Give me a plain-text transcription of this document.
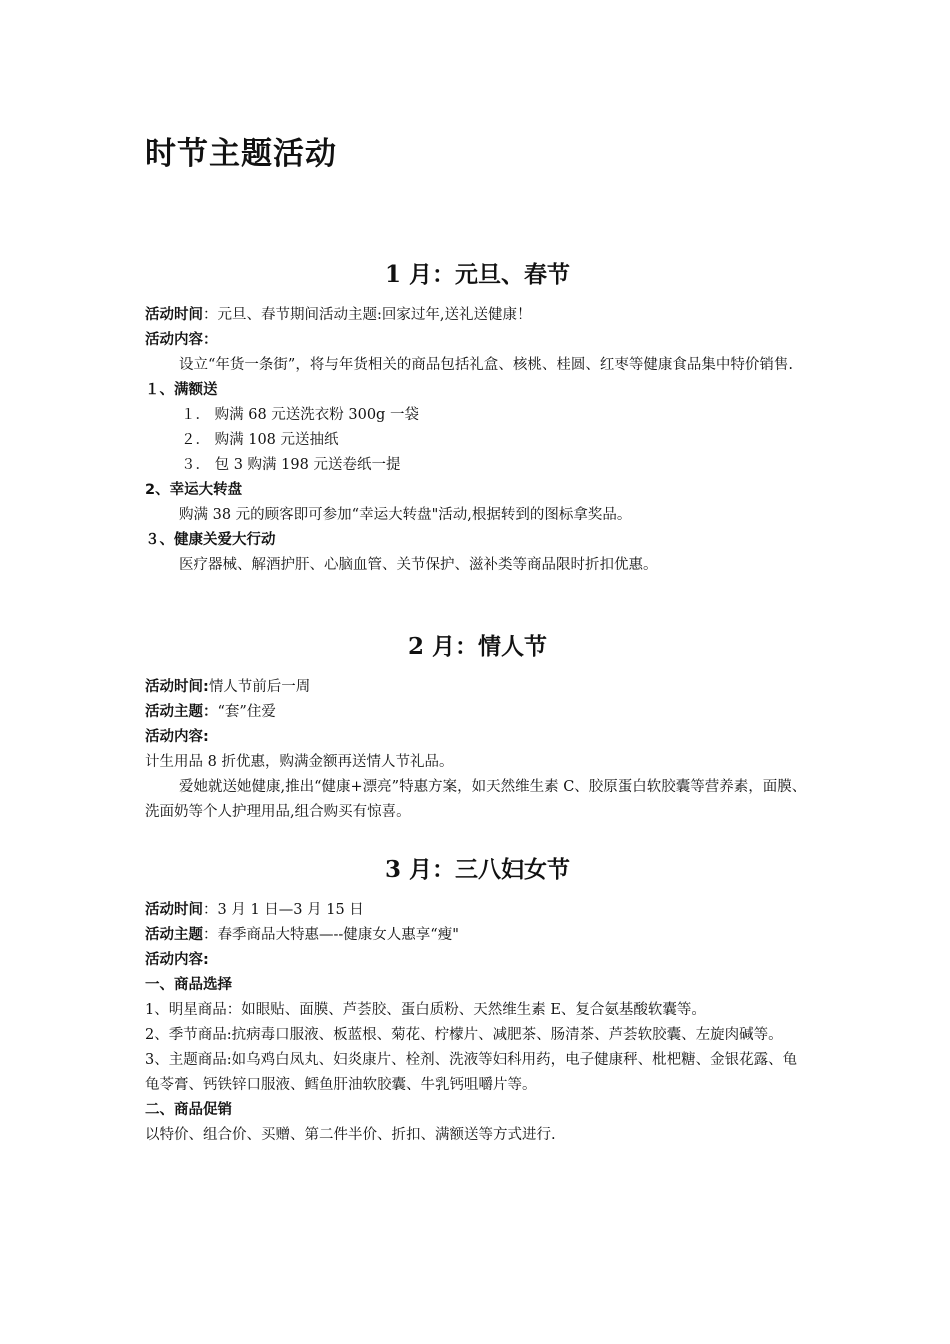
时节主题活动
1 月：元旦、春节
活动时间：元旦、春节期间活动主题:回家过年,送礼送健康！
活动内容：
设立“年货一条街”，将与年货相关的商品包括礼盒、核桃、桂圆、红枣等健康食品集中特价销售.
１、满额送
１． 购满 68 元送洗衣粉 300g 一袋
２． 购满 108 元送抽纸
３． 包 3 购满 198 元送卷纸一提
2、幸运大转盘
购满 38 元的顾客即可参加“幸运大转盘"活动,根据转到的图标拿奖品。
３、健康关爱大行动
医疗器械、解酒护肝、心脑血管、关节保护、滋补类等商品限时折扣优惠。
2 月：情人节
活动时间:情人节前后一周
活动主题：“套”住爱
活动内容:
计生用品 8 折优惠，购满金额再送情人节礼品。
爱她就送她健康,推出“健康+漂亮”特惠方案，如天然维生素 C、胶原蛋白软胶囊等营养素，面膜、洗面奶等个人护理用品,组合购买有惊喜。
3 月：三八妇女节
活动时间：3 月 1 日—3 月 15 日
活动主题：春季商品大特惠—--健康女人惠享“瘦"
活动内容:
一、商品选择
1、明星商品：如眼贴、面膜、芦荟胶、蛋白质粉、天然维生素 E、复合氨基酸软囊等。
2、季节商品:抗病毒口服液、板蓝根、菊花、柠檬片、减肥茶、肠清茶、芦荟软胶囊、左旋肉碱等。
3、主题商品:如乌鸡白凤丸、妇炎康片、栓剂、洗液等妇科用药，电子健康秤、枇杷糖、金银花露、龟龟苓膏、钙铁锌口服液、鳕鱼肝油软胶囊、牛乳钙咀嚼片等。
二、商品促销
以特价、组合价、买赠、第二件半价、折扣、满额送等方式进行.
